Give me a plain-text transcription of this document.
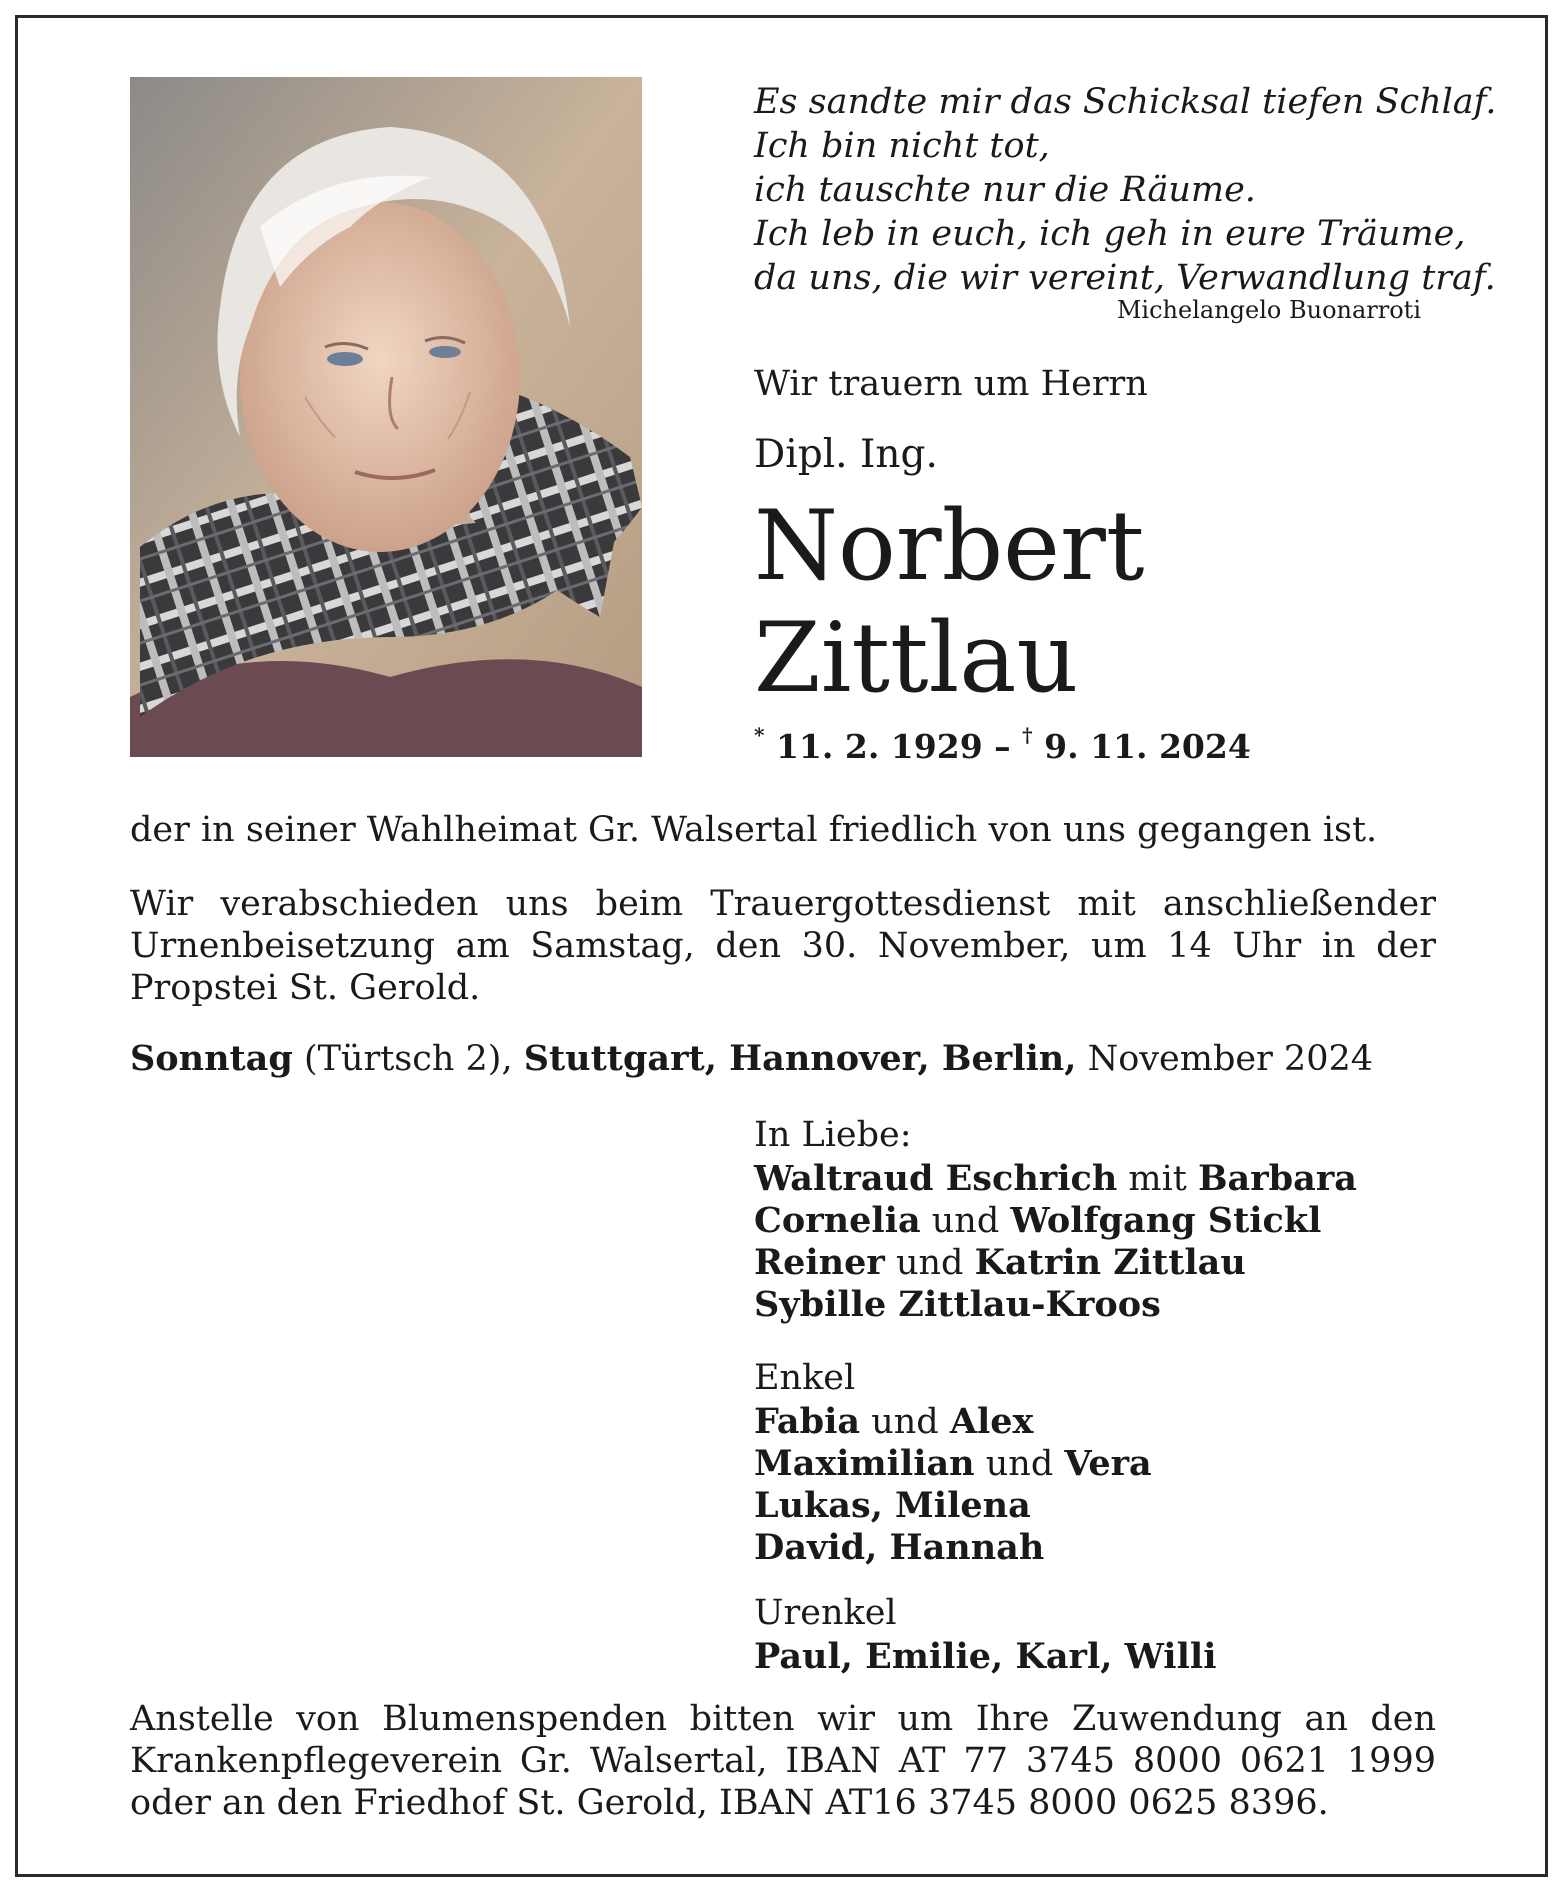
Es sandte mir das Schicksal tiefen Schlaf.
Ich bin nicht tot,
ich tauschte nur die Räume.
Ich leb in euch, ich geh in eure Träume,
da uns, die wir vereint, Verwandlung traf.
Michelangelo Buonarroti
Wir trauern um Herrn
Dipl. Ing.
Norbert
Zittlau
* 11. 2. 1929 – † 9. 11. 2024
der in seiner Wahlheimat Gr. Walsertal friedlich von uns gegangen ist.
Wir verabschieden uns beim Trauergottesdienst mit anschließender Urnenbeisetzung am Samstag, den 30. November, um 14 Uhr in der Propstei St. Gerold.
Sonntag (Türtsch 2), Stuttgart, Hannover, Berlin, November 2024
In Liebe:
Waltraud Eschrich mit Barbara
Cornelia und Wolfgang Stickl
Reiner und Katrin Zittlau
Sybille Zittlau-Kroos
Enkel
Fabia und Alex
Maximilian und Vera
Lukas, Milena
David, Hannah
Urenkel
Paul, Emilie, Karl, Willi
Anstelle von Blumenspenden bitten wir um Ihre Zuwendung an den Krankenpflegeverein Gr. Walsertal, IBAN AT 77 3745 8000 0621 1999 oder an den Friedhof St. Gerold, IBAN AT16 3745 8000 0625 8396.
